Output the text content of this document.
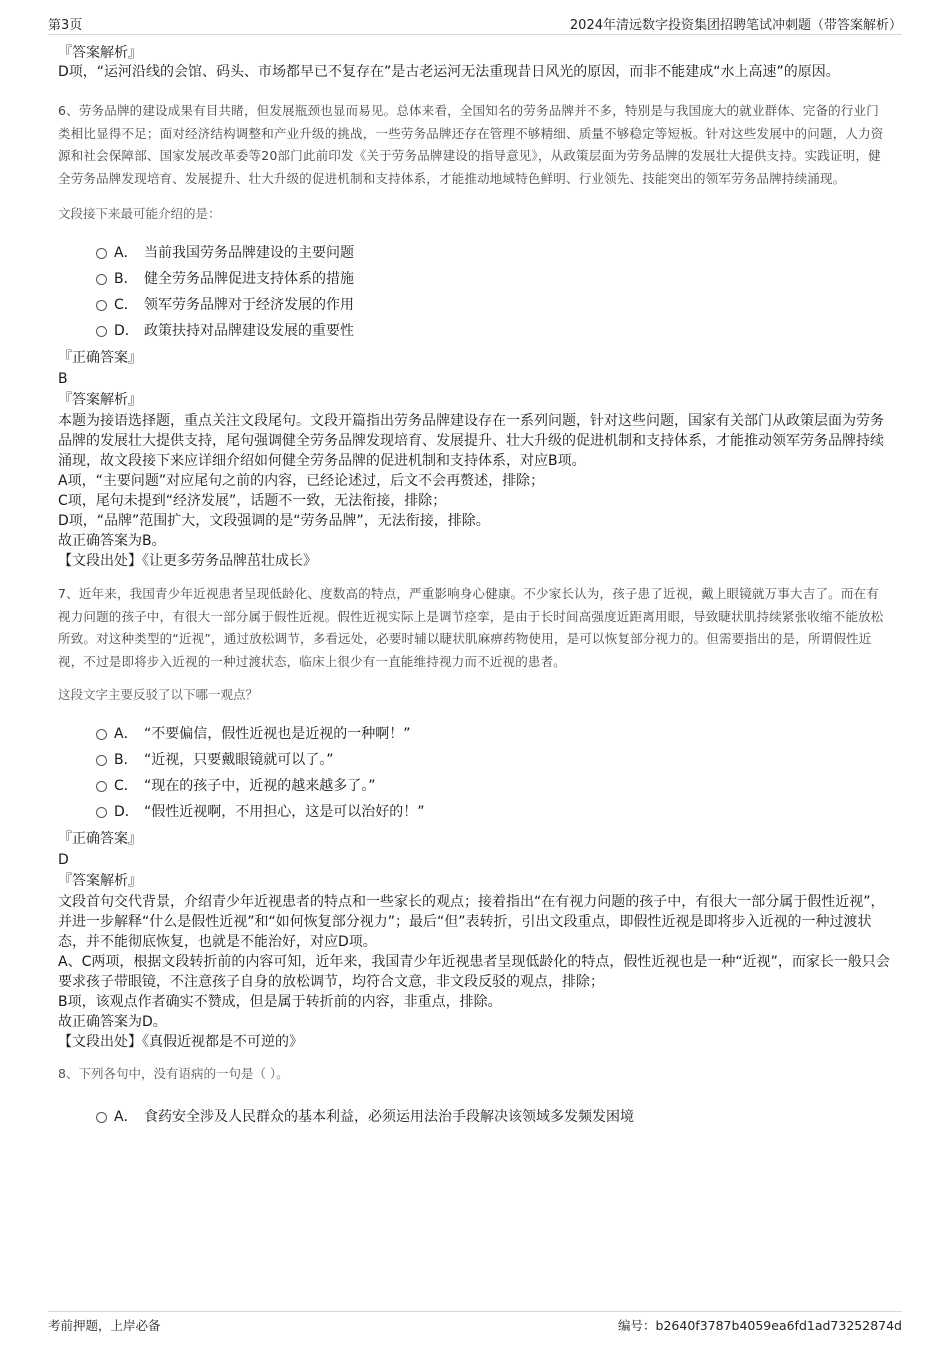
第3页	2024年清远数字投资集团招聘笔试冲刺题（带答案解析）
『答案解析』

D项，“运河沿线的会馆、码头、市场都早已不复存在”是古老运河无法重现昔日风光的原因，而非不能建成“水上高速”的原因。

6、劳务品牌的建设成果有目共睹，但发展瓶颈也显而易见。总体来看，全国知名的劳务品牌并不多，特别是与我国庞大的就业群体、完备的行业门类相比显得不足；面对经济结构调整和产业升级的挑战，一些劳务品牌还存在管理不够精细、质量不够稳定等短板。针对这些发展中的问题，人力资源和社会保障部、国家发展改革委等20部门此前印发《关于劳务品牌建设的指导意见》，从政策层面为劳务品牌的发展壮大提供支持。实践证明，健全劳务品牌发现培育、发展提升、壮大升级的促进机制和支持体系，才能推动地域特色鲜明、行业领先、技能突出的领军劳务品牌持续涌现。

文段接下来最可能介绍的是：

A． 当前我国劳务品牌建设的主要问题
B． 健全劳务品牌促进支持体系的措施
C． 领军劳务品牌对于经济发展的作用
D． 政策扶持对品牌建设发展的重要性

『正确答案』

B

『答案解析』

本题为接语选择题，重点关注文段尾句。文段开篇指出劳务品牌建设存在一系列问题，针对这些问题，国家有关部门从政策层面为劳务品牌的发展壮大提供支持，尾句强调健全劳务品牌发现培育、发展提升、壮大升级的促进机制和支持体系，才能推动领军劳务品牌持续涌现，故文段接下来应详细介绍如何健全劳务品牌的促进机制和支持体系，对应B项。

A项，“主要问题”对应尾句之前的内容，已经论述过，后文不会再赘述，排除；

C项，尾句未提到“经济发展”，话题不一致，无法衔接，排除；

D项，“品牌”范围扩大，文段强调的是“劳务品牌”，无法衔接，排除。

故正确答案为B。

【文段出处】《让更多劳务品牌茁壮成长》

7、近年来，我国青少年近视患者呈现低龄化、度数高的特点，严重影响身心健康。不少家长认为，孩子患了近视，戴上眼镜就万事大吉了。而在有视力问题的孩子中，有很大一部分属于假性近视。假性近视实际上是调节痉挛，是由于长时间高强度近距离用眼，导致睫状肌持续紧张收缩不能放松所致。对这种类型的“近视”，通过放松调节，多看远处，必要时辅以睫状肌麻痹药物使用，是可以恢复部分视力的。但需要指出的是，所谓假性近视，不过是即将步入近视的一种过渡状态，临床上很少有一直能维持视力而不近视的患者。

这段文字主要反驳了以下哪一观点？

A． “不要偏信，假性近视也是近视的一种啊！”
B． “近视，只要戴眼镜就可以了。”
C． “现在的孩子中，近视的越来越多了。”
D． “假性近视啊，不用担心，这是可以治好的！”

『正确答案』

D

『答案解析』

文段首句交代背景，介绍青少年近视患者的特点和一些家长的观点；接着指出“在有视力问题的孩子中，有很大一部分属于假性近视”，并进一步解释“什么是假性近视”和“如何恢复部分视力”；最后“但”表转折，引出文段重点，即假性近视是即将步入近视的一种过渡状态，并不能彻底恢复，也就是不能治好，对应D项。

A、C两项，根据文段转折前的内容可知，近年来，我国青少年近视患者呈现低龄化的特点，假性近视也是一种“近视”，而家长一般只会要求孩子带眼镜，不注意孩子自身的放松调节，均符合文意，非文段反驳的观点，排除；

B项，该观点作者确实不赞成，但是属于转折前的内容，非重点，排除。

故正确答案为D。

【文段出处】《真假近视都是不可逆的》

8、下列各句中，没有语病的一句是（ ）。

A． 食药安全涉及人民群众的基本利益，必须运用法治手段解决该领域多发频发困境
考前押题，上岸必备	编号：b2640f3787b4059ea6fd1ad73252874d
